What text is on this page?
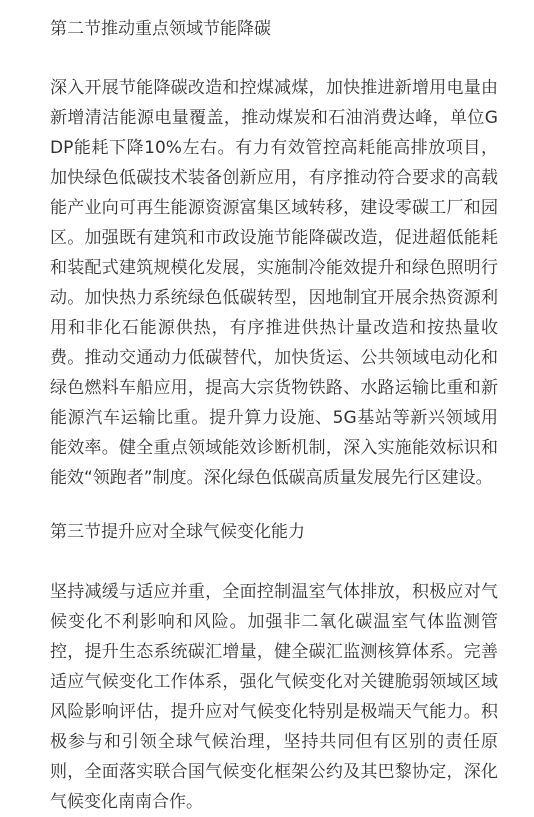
第二节推动重点领域节能降碳

深入开展节能降碳改造和控煤减煤，加快推进新增用电量由新增清洁能源电量覆盖，推动煤炭和石油消费达峰，单位GDP能耗下降10%左右。有力有效管控高耗能高排放项目，加快绿色低碳技术装备创新应用，有序推动符合要求的高载能产业向可再生能源资源富集区域转移，建设零碳工厂和园区。加强既有建筑和市政设施节能降碳改造，促进超低能耗和装配式建筑规模化发展，实施制冷能效提升和绿色照明行动。加快热力系统绿色低碳转型，因地制宜开展余热资源利用和非化石能源供热，有序推进供热计量改造和按热量收费。推动交通动力低碳替代，加快货运、公共领域电动化和绿色燃料车船应用，提高大宗货物铁路、水路运输比重和新能源汽车运输比重。提升算力设施、5G基站等新兴领域用能效率。健全重点领域能效诊断机制，深入实施能效标识和能效“领跑者”制度。深化绿色低碳高质量发展先行区建设。

第三节提升应对全球气候变化能力

坚持减缓与适应并重，全面控制温室气体排放，积极应对气候变化不利影响和风险。加强非二氧化碳温室气体监测管控，提升生态系统碳汇增量，健全碳汇监测核算体系。完善适应气候变化工作体系，强化气候变化对关键脆弱领域区域风险影响评估，提升应对气候变化特别是极端天气能力。积极参与和引领全球气候治理，坚持共同但有区别的责任原则，全面落实联合国气候变化框架公约及其巴黎协定，深化气候变化南南合作。
